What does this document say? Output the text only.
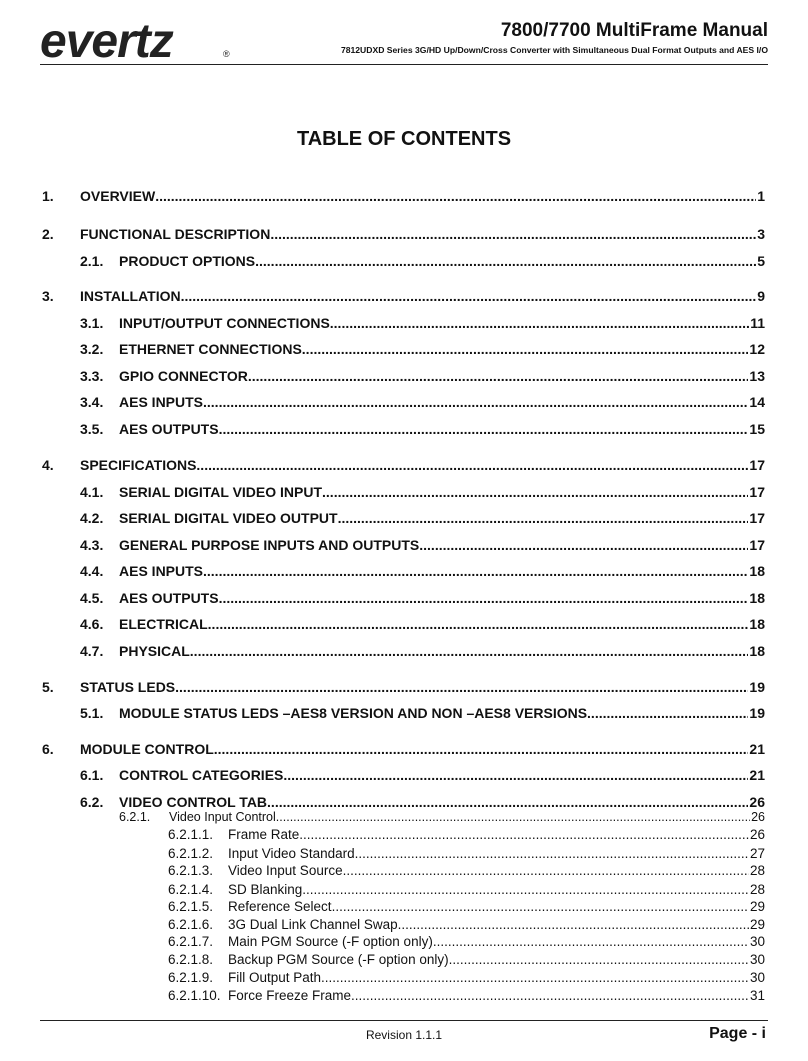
evertz	®
7800/7700 MultiFrame Manual
7812UDXD Series 3G/HD Up/Down/Cross Converter with Simultaneous Dual Format Outputs and AES I/O
TABLE OF CONTENTS
1.	OVERVIEW .....	1
2.	FUNCTIONAL DESCRIPTION .....	3
2.1.	PRODUCT OPTIONS .....	5
3.	INSTALLATION .....	9
3.1.	INPUT/OUTPUT CONNECTIONS .....	11
3.2.	ETHERNET CONNECTIONS .....	12
3.3.	GPIO CONNECTOR .....	13
3.4.	AES INPUTS .....	14
3.5.	AES OUTPUTS .....	15
4.	SPECIFICATIONS .....	17
4.1.	SERIAL DIGITAL VIDEO INPUT .....	17
4.2.	SERIAL DIGITAL VIDEO OUTPUT .....	17
4.3.	GENERAL PURPOSE INPUTS AND OUTPUTS .....	17
4.4.	AES INPUTS .....	18
4.5.	AES OUTPUTS .....	18
4.6.	ELECTRICAL .....	18
4.7.	PHYSICAL .....	18
5.	STATUS LEDS .....	19
5.1.	MODULE STATUS LEDS –AES8 VERSION AND NON –AES8 VERSIONS .....	19
6.	MODULE CONTROL .....	21
6.1.	CONTROL CATEGORIES .....	21
6.2.	VIDEO CONTROL TAB .....	26
6.2.1.	Video Input Control .....	26
6.2.1.1.	Frame Rate .....	26
6.2.1.2.	Input Video Standard .....	27
6.2.1.3.	Video Input Source .....	28
6.2.1.4.	SD Blanking .....	28
6.2.1.5.	Reference Select .....	29
6.2.1.6.	3G Dual Link Channel Swap .....	29
6.2.1.7.	Main PGM Source (-F option only) .....	30
6.2.1.8.	Backup PGM Source (-F option only) .....	30
6.2.1.9.	Fill Output Path .....	30
6.2.1.10. Force Freeze Frame .....	31
Revision 1.1.1	Page - i
